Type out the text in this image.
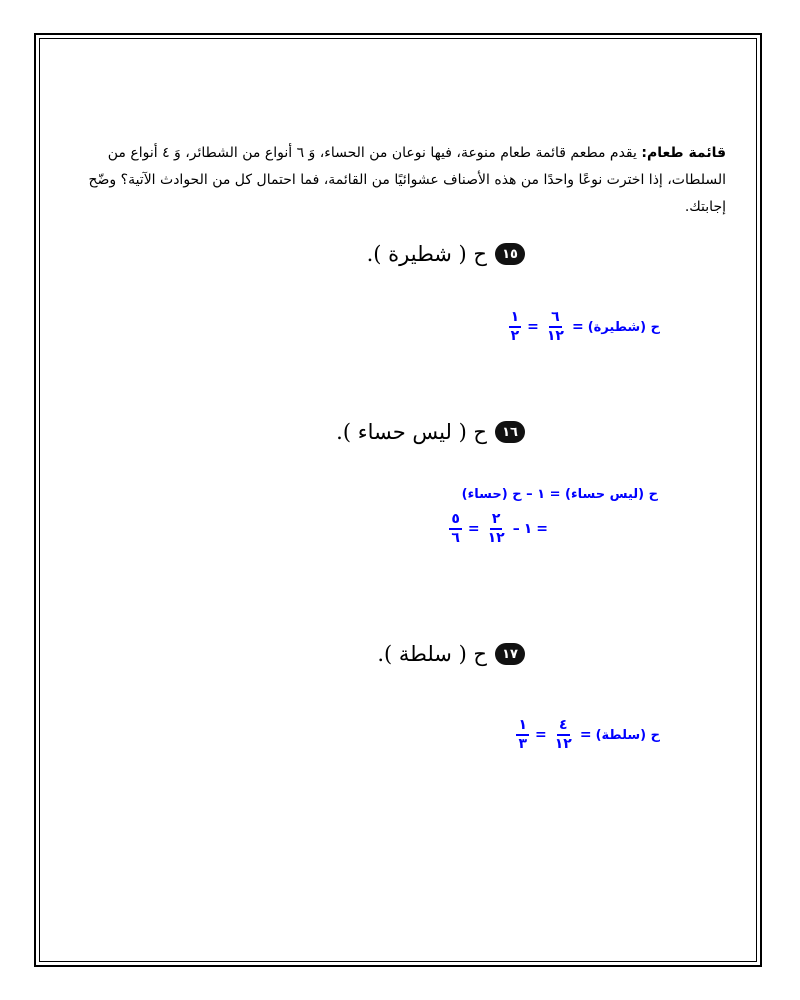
قائمة طعام: يقدم مطعم قائمة طعام منوعة، فيها نوعان من الحساء، وَ ٦ أنواع من الشطائر، وَ ٤ أنواع من السلطات، إذا اخترت نوعًا واحدًا من هذه الأصناف عشوائيًا من القائمة، فما احتمال كل من الحوادث الآتية؟ وضّح إجابتك.
١٥
ح ( شطيرة ).
ح (شطيرة)
=
$\frac{٦}{١٢}$
=
$\frac{١}{٢}$
١٦
ح ( ليس حساء ).
ح (ليس حساء) = ١ – ح (حساء)
=
١
–
$\frac{٢}{١٢}$
=
$\frac{٥}{٦}$
١٧
ح ( سلطة ).
ح (سلطة)
=
$\frac{٤}{١٢}$
=
$\frac{١}{٣}$
